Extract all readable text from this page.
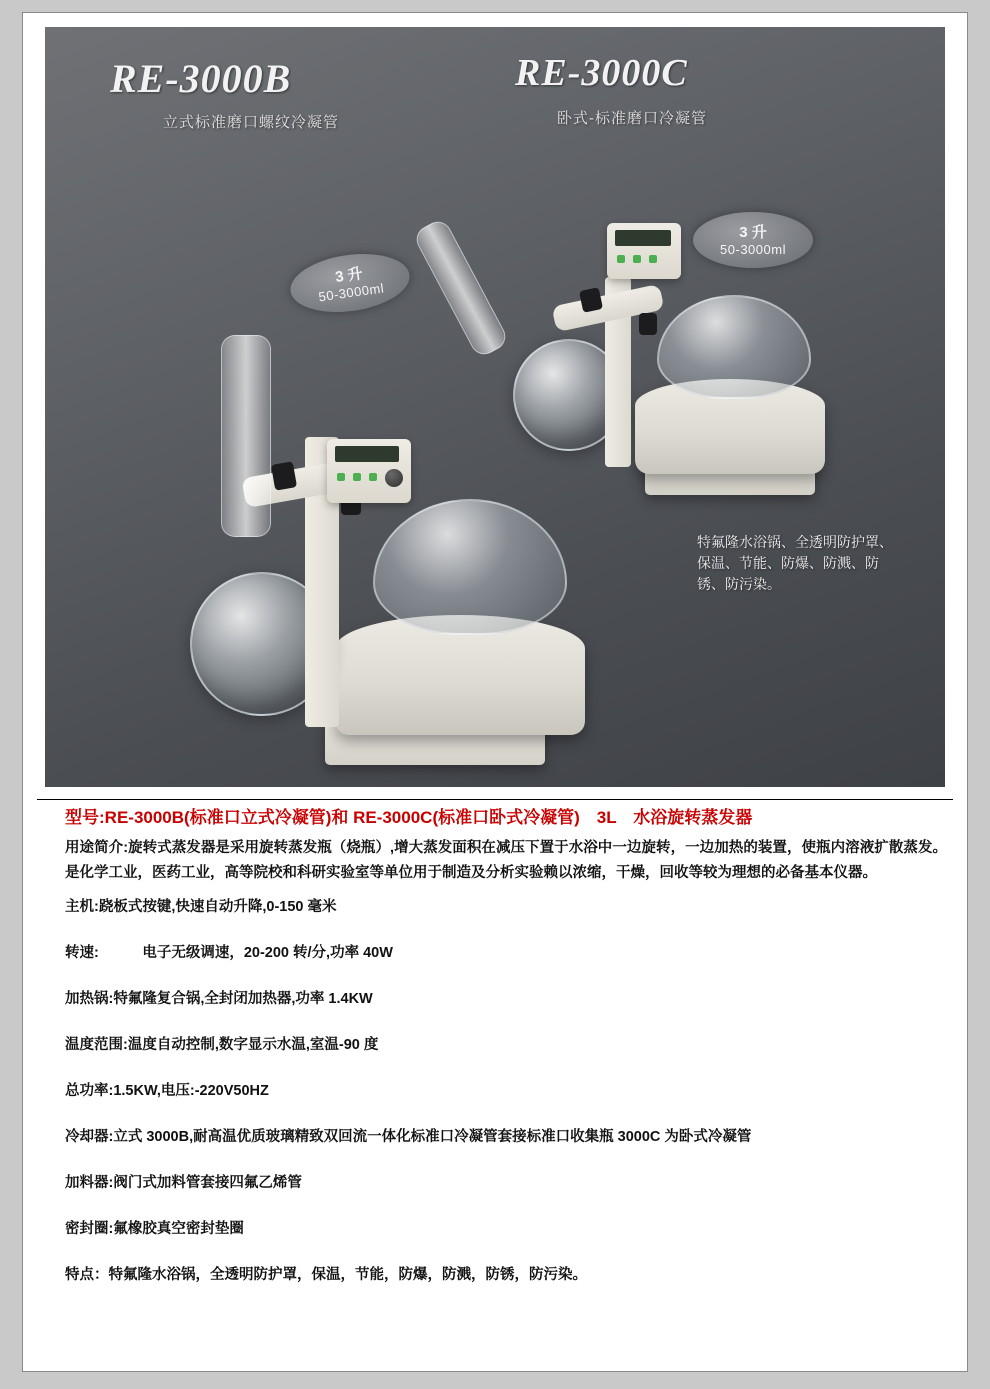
RE-3000B
立式标准磨口螺纹冷凝管
RE-3000C
卧式-标准磨口冷凝管
3 升
50-3000ml
3 升
50-3000ml
特氟隆水浴锅、全透明防护罩、保温、节能、防爆、防溅、防锈、防污染。
型号:RE-3000B(标准口立式冷凝管)和 RE-3000C(标准口卧式冷凝管)　3L　水浴旋转蒸发器
用途简介:旋转式蒸发器是采用旋转蒸发瓶（烧瓶）,增大蒸发面积在减压下置于水浴中一边旋转，一边加热的装置，使瓶内溶液扩散蒸发。是化学工业，医药工业，高等院校和科研实验室等单位用于制造及分析实验赖以浓缩，干燥，回收等较为理想的必备基本仪器。
主机:跷板式按键,快速自动升降,0-150 毫米
转速:　　　电子无级调速，20-200 转/分,功率 40W
加热锅:特氟隆复合锅,全封闭加热器,功率 1.4KW
温度范围:温度自动控制,数字显示水温,室温-90 度
总功率:1.5KW,电压:-220V50HZ
冷却器:立式 3000B,耐高温优质玻璃精致双回流一体化标准口冷凝管套接标准口收集瓶 3000C 为卧式冷凝管
加料器:阀门式加料管套接四氟乙烯管
密封圈:氟橡胶真空密封垫圈
特点：特氟隆水浴锅，全透明防护罩，保温，节能，防爆，防溅，防锈，防污染。
